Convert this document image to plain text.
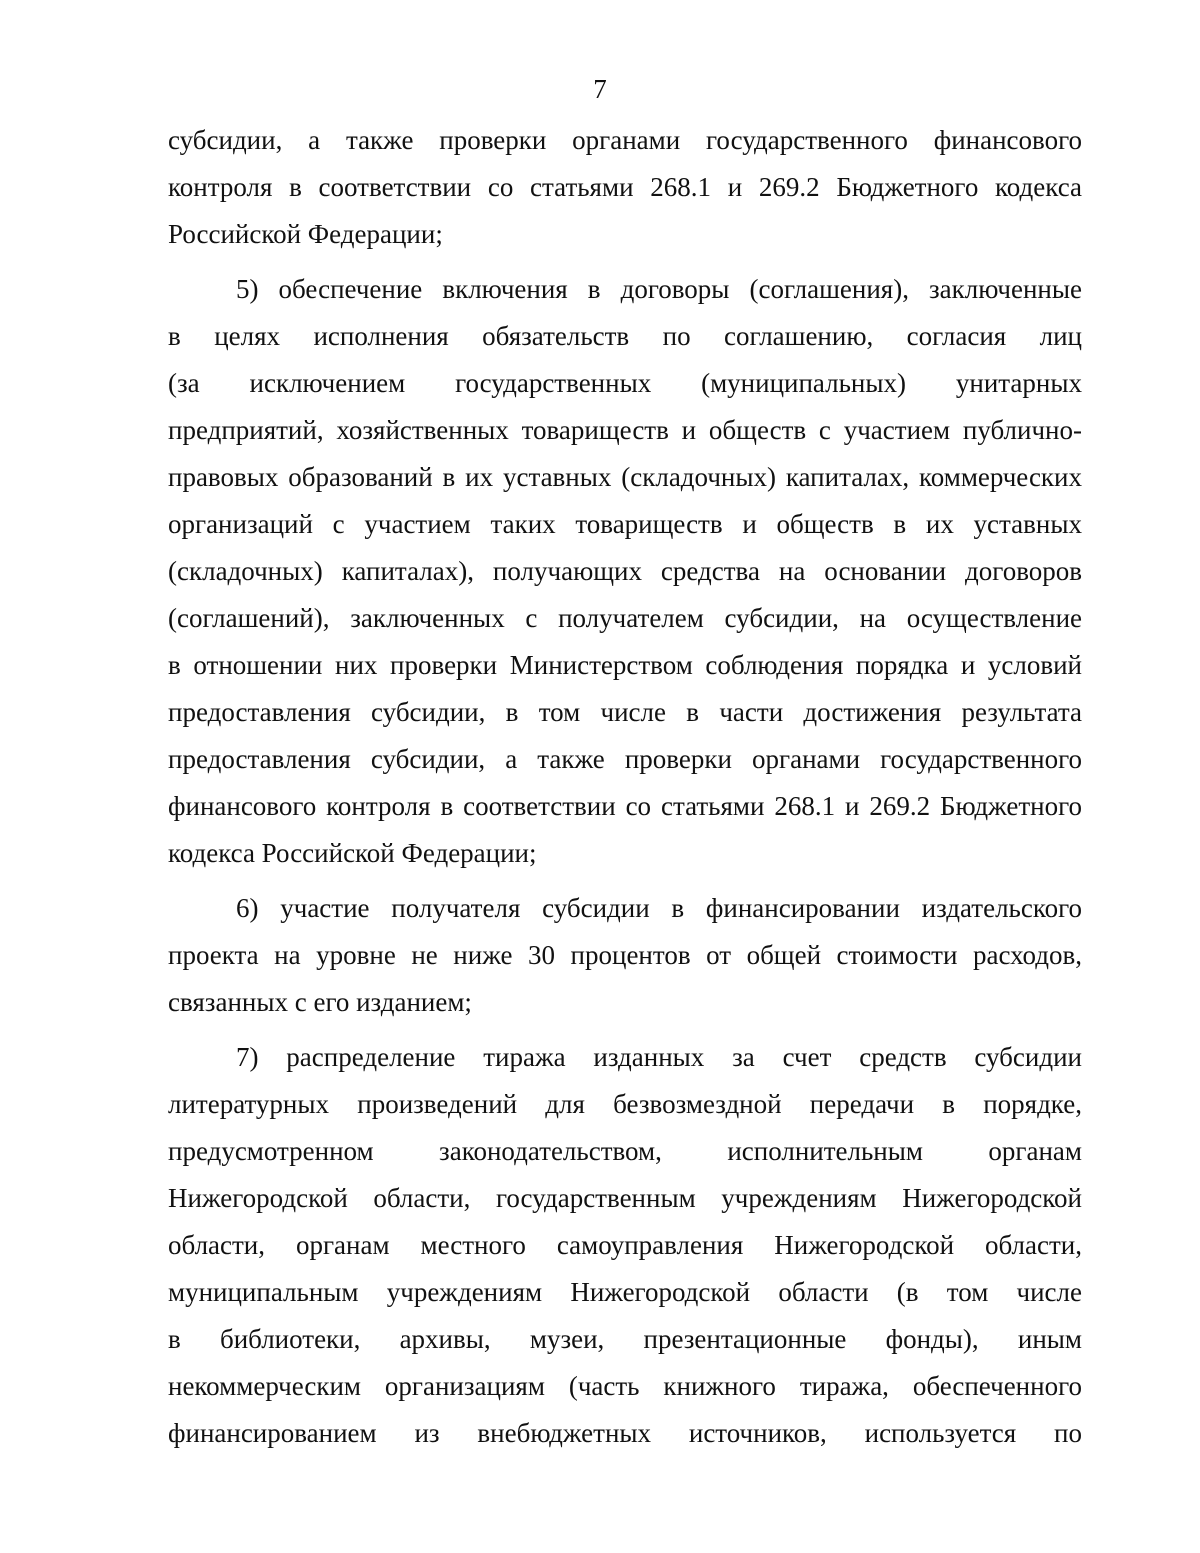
7
субсидии, а также проверки органами государственного финансового
контроля в соответствии со статьями 268.1 и 269.2 Бюджетного кодекса
Российской Федерации;
5) обеспечение включения в договоры (соглашения), заключенные
в целях исполнения обязательств по соглашению, согласия лиц
(за исключением государственных (муниципальных) унитарных
предприятий, хозяйственных товариществ и обществ с участием публично-
правовых образований в их уставных (складочных) капиталах, коммерческих
организаций с участием таких товариществ и обществ в их уставных
(складочных) капиталах), получающих средства на основании договоров
(соглашений), заключенных с получателем субсидии, на осуществление
в отношении них проверки Министерством соблюдения порядка и условий
предоставления субсидии, в том числе в части достижения результата
предоставления субсидии, а также проверки органами государственного
финансового контроля в соответствии со статьями 268.1 и 269.2 Бюджетного
кодекса Российской Федерации;
6) участие получателя субсидии в финансировании издательского
проекта на уровне не ниже 30 процентов от общей стоимости расходов,
связанных с его изданием;
7) распределение тиража изданных за счет средств субсидии
литературных произведений для безвозмездной передачи в порядке,
предусмотренном законодательством, исполнительным органам
Нижегородской области, государственным учреждениям Нижегородской
области, органам местного самоуправления Нижегородской области,
муниципальным учреждениям Нижегородской области (в том числе
в библиотеки, архивы, музеи, презентационные фонды), иным
некоммерческим организациям (часть книжного тиража, обеспеченного
финансированием из внебюджетных источников, используется по
